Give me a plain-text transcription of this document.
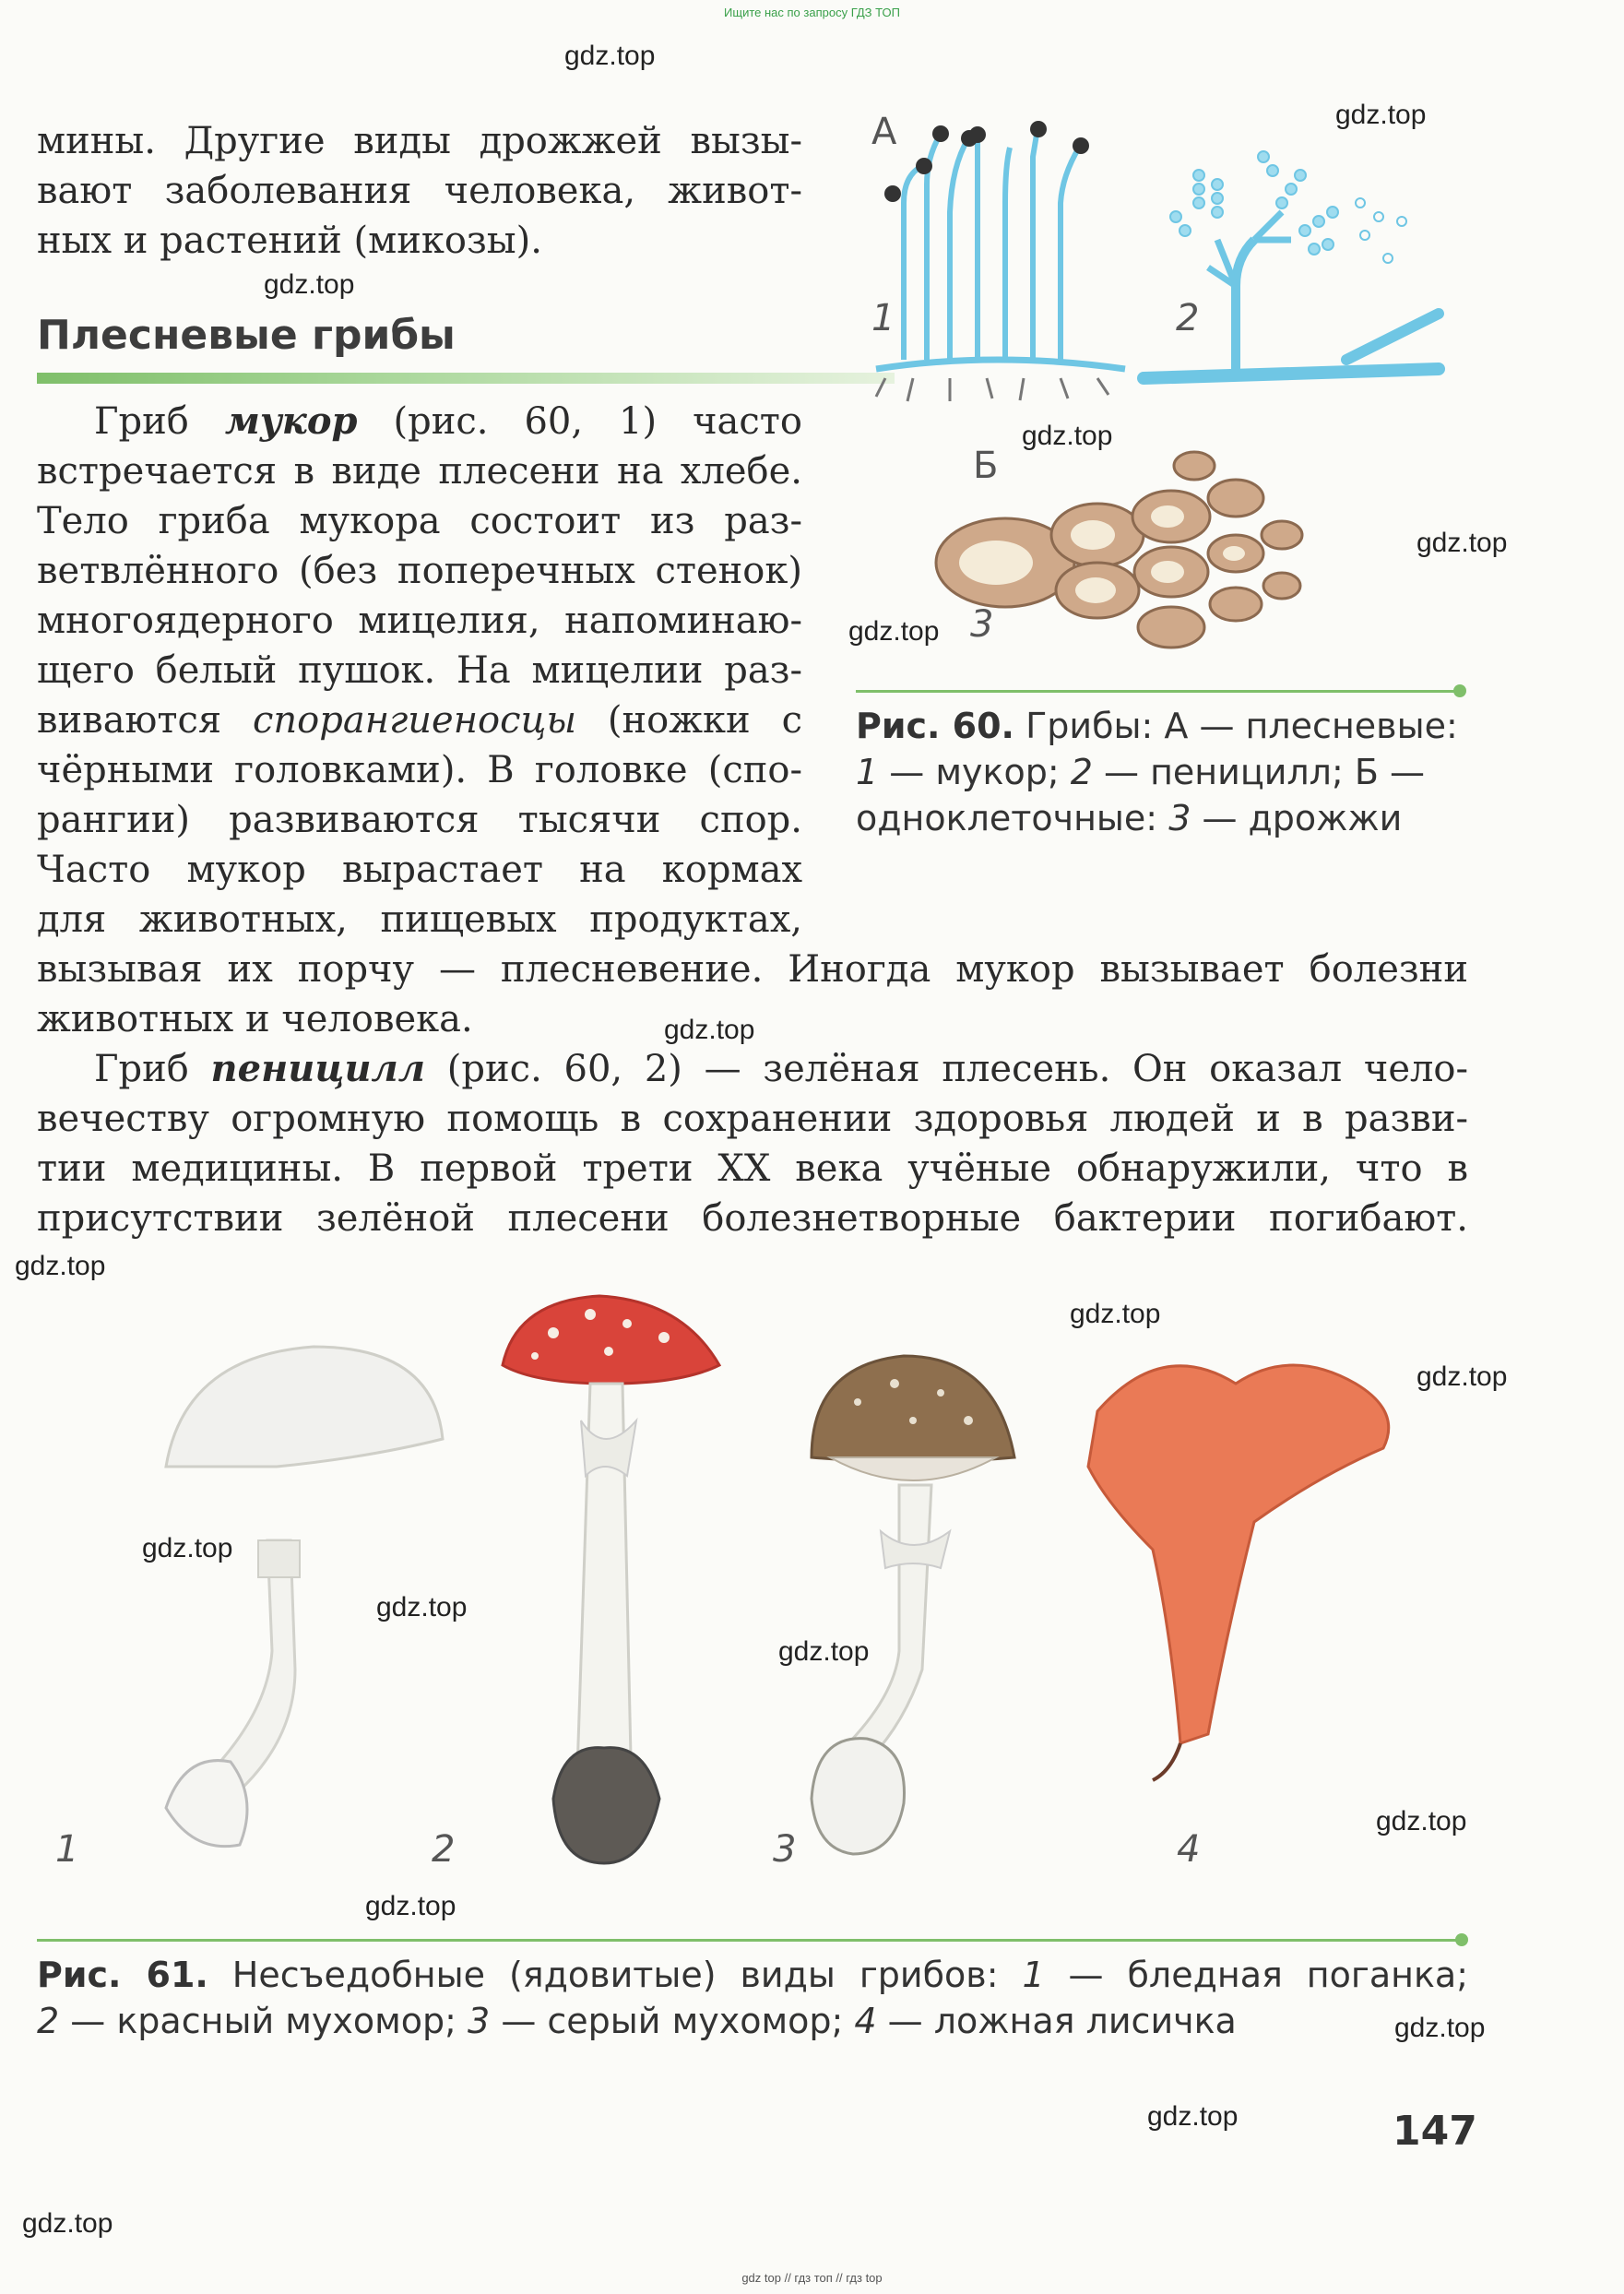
Ищите нас по запросу ГДЗ ТОП
gdz top // гдз топ // гдз top
gdz.top
gdz.top
gdz.top
gdz.top
gdz.top
gdz.top
gdz.top
gdz.top
gdz.top
gdz.top
gdz.top
gdz.top
gdz.top
gdz.top
gdz.top
gdz.top
gdz.top
gdz.top
мины. Другие виды дрожжей вызы-
вают заболевания человека, живот-
ных и растений (микозы).
Плесневые грибы
Гриб мукор (рис. 60, 1) часто
встречается в виде плесени на хлебе.
Тело гриба мукора состоит из раз-
ветвлённого (без поперечных стенок)
многоядерного мицелия, напоминаю-
щего белый пушок. На мицелии раз-
виваются спорангиеносцы (ножки с
чёрными головками). В головке (спо-
рангии) развиваются тысячи спор.
Часто мукор вырастает на кормах
для животных, пищевых продуктах,
вызывая их порчу — плесневение. Иногда мукор вызывает болезни
животных и человека.
Гриб пеницилл (рис. 60, 2) — зелёная плесень. Он оказал чело-
вечеству огромную помощь в сохранении здоровья людей и в разви-
тии медицины. В первой трети XX века учёные обнаружили, что в
присутствии зелёной плесени болезнетворные бактерии погибают.
А
1	2
Б
3
Рис. 60. Грибы: А — плесневые:
1 — мукор; 2 — пеницилл; Б —
одноклеточные: 3 — дрожжи
1	2	3	4
Рис. 61. Несъедобные (ядовитые) виды грибов: 1 — бледная поганка;
2 — красный мухомор; 3 — серый мухомор; 4 — ложная лисичка
147
